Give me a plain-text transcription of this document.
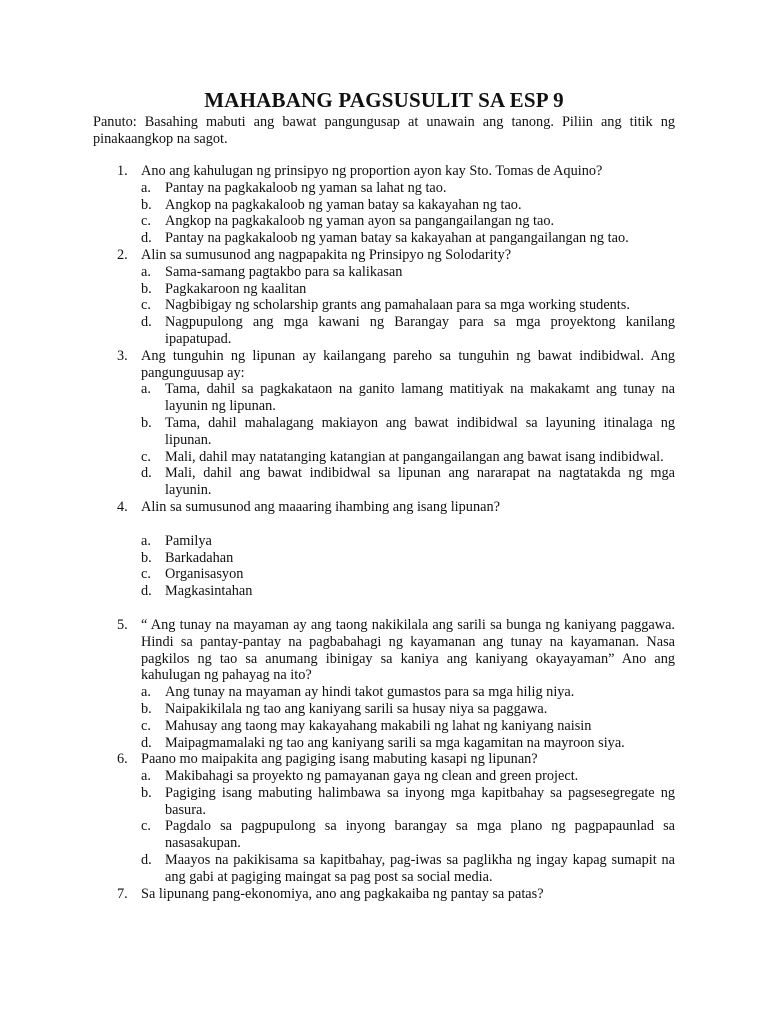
MAHABANG PAGSUSULIT SA ESP 9

Panuto: Basahing mabuti ang bawat pangungusap at unawain ang tanong. Piliin ang titik ng pinakaangkop na sagot.

1. Ano ang kahulugan ng prinsipyo ng proportion ayon kay Sto. Tomas de Aquino?
a. Pantay na pagkakaloob ng yaman sa lahat ng tao.
b. Angkop na pagkakaloob ng yaman batay sa kakayahan ng tao.
c. Angkop na pagkakaloob ng yaman ayon sa pangangailangan ng tao.
d. Pantay na pagkakaloob ng yaman batay sa kakayahan at pangangailangan ng tao.
2. Alin sa sumusunod ang nagpapakita ng Prinsipyo ng Solodarity?
a. Sama-samang pagtakbo para sa kalikasan
b. Pagkakaroon ng kaalitan
c. Nagbibigay ng scholarship grants ang pamahalaan para sa mga working students.
d. Nagpupulong ang mga kawani ng Barangay para sa mga proyektong kanilang ipapatupad.
3. Ang tunguhin ng lipunan ay kailangang pareho sa tunguhin ng bawat indibidwal. Ang pangunguusap ay:
a. Tama, dahil sa pagkakataon na ganito lamang matitiyak na makakamt ang tunay na layunin ng lipunan.
b. Tama, dahil mahalagang makiayon ang bawat indibidwal sa layuning itinalaga ng lipunan.
c. Mali, dahil may natatanging katangian at pangangailangan ang bawat isang indibidwal.
d. Mali, dahil ang bawat indibidwal sa lipunan ang nararapat na nagtatakda ng mga layunin.
4. Alin sa sumusunod ang maaaring ihambing ang isang lipunan?
a. Pamilya
b. Barkadahan
c. Organisasyon
d. Magkasintahan
5. “ Ang tunay na mayaman ay ang taong nakikilala ang sarili sa bunga ng kaniyang paggawa. Hindi sa pantay-pantay na pagbabahagi ng kayamanan ang tunay na kayamanan. Nasa pagkilos ng tao sa anumang ibinigay sa kaniya ang kaniyang okayayaman” Ano ang kahulugan ng pahayag na ito?
a. Ang tunay na mayaman ay hindi takot gumastos para sa mga hilig niya.
b. Naipakikilala ng tao ang kaniyang sarili sa husay niya sa paggawa.
c. Mahusay ang taong may kakayahang makabili ng lahat ng kaniyang naisin
d. Maipagmamalaki ng tao ang kaniyang sarili sa mga kagamitan na mayroon siya.
6. Paano mo maipakita ang pagiging isang mabuting kasapi ng lipunan?
a. Makibahagi sa proyekto ng pamayanan gaya ng clean and green project.
b. Pagiging isang mabuting halimbawa sa inyong mga kapitbahay sa pagsesegregate ng basura.
c. Pagdalo sa pagpupulong sa inyong barangay sa mga plano ng pagpapaunlad sa nasasakupan.
d. Maayos na pakikisama sa kapitbahay, pag-iwas sa paglikha ng ingay kapag sumapit na ang gabi at pagiging maingat sa pag post sa social media.
7. Sa lipunang pang-ekonomiya, ano ang pagkakaiba ng pantay sa patas?
